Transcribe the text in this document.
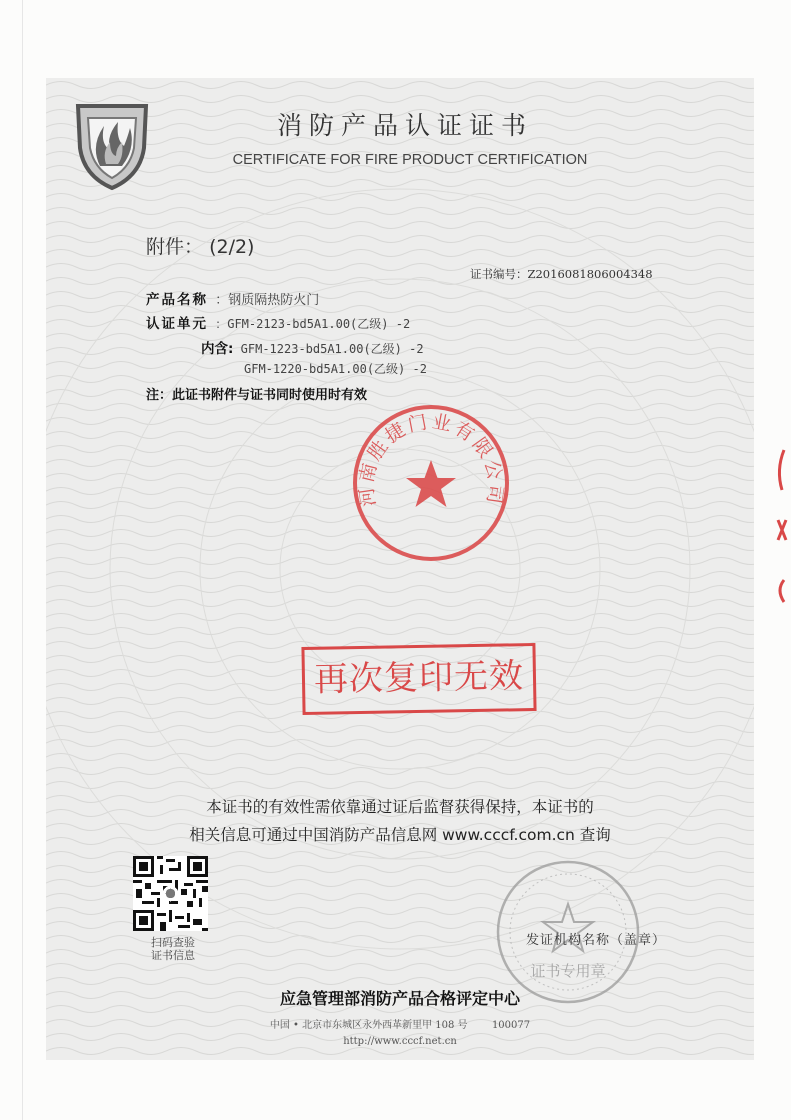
消防产品认证证书
CERTIFICATE FOR FIRE PRODUCT CERTIFICATION
附件： (2/2)
证书编号：Z2016081806004348
产品名称 ：钢质隔热防火门
认证单元 ：GFM-2123-bd5A1.00(乙级) -2
内含: GFM-1223-bd5A1.00(乙级) -2
GFM-1220-bd5A1.00(乙级) -2
注：此证书附件与证书同时使用时有效
河南胜捷门业有限公司
再次复印无效
本证书的有效性需依靠通过证后监督获得保持，本证书的
相关信息可通过中国消防产品信息网 www.cccf.com.cn 查询
扫码查验
证书信息
证书专用章
发证机构名称（盖章）
应急管理部消防产品合格评定中心
中国 • 北京市东城区永外西革新里甲 108 号 100077
http://www.cccf.net.cn
